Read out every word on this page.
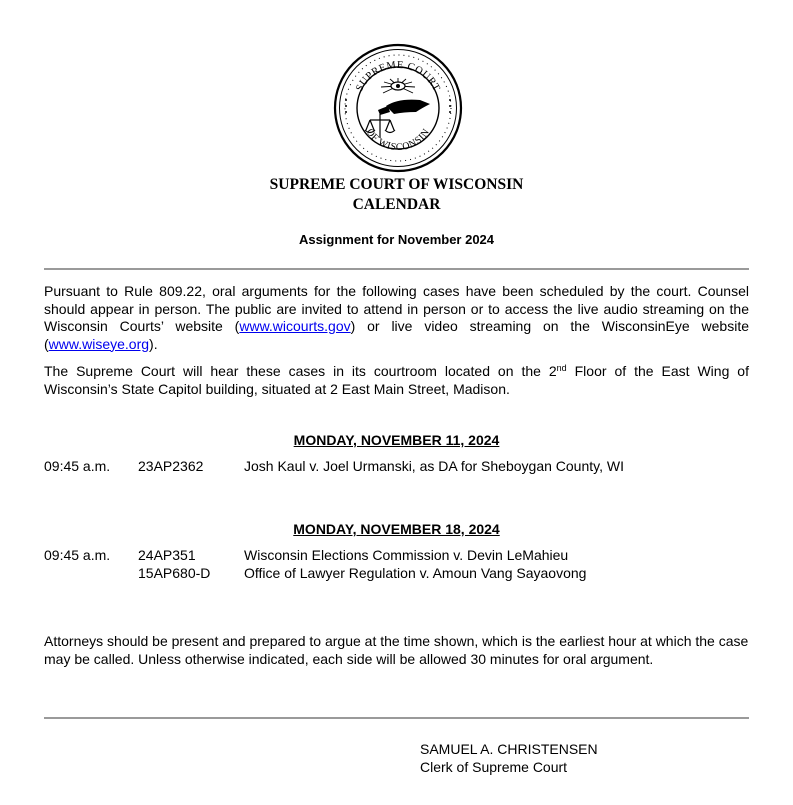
SUPREME COURT
OF WISCONSIN
SUPREME COURT OF WISCONSIN
CALENDAR
Assignment for November 2024
Pursuant to Rule 809.22, oral arguments for the following cases have been scheduled by the court. Counsel should appear in person. The public are invited to attend in person or to access the live audio streaming on the Wisconsin Courts’ website (www.wicourts.gov) or live video streaming on the WisconsinEye website (www.wiseye.org).
The Supreme Court will hear these cases in its courtroom located on the 2nd Floor of the East Wing of Wisconsin’s State Capitol building, situated at 2 East Main Street, Madison.
MONDAY, NOVEMBER 11, 2024
09:45 a.m. 23AP2362	Josh Kaul v. Joel Urmanski, as DA for Sheboygan County, WI
MONDAY, NOVEMBER 18, 2024
09:45 a.m. 24AP351	Wisconsin Elections Commission v. Devin LeMahieu
15AP680-D Office of Lawyer Regulation v. Amoun Vang Sayaovong
Attorneys should be present and prepared to argue at the time shown, which is the earliest hour at which the case may be called. Unless otherwise indicated, each side will be allowed 30 minutes for oral argument.
SAMUEL A. CHRISTENSEN
Clerk of Supreme Court
